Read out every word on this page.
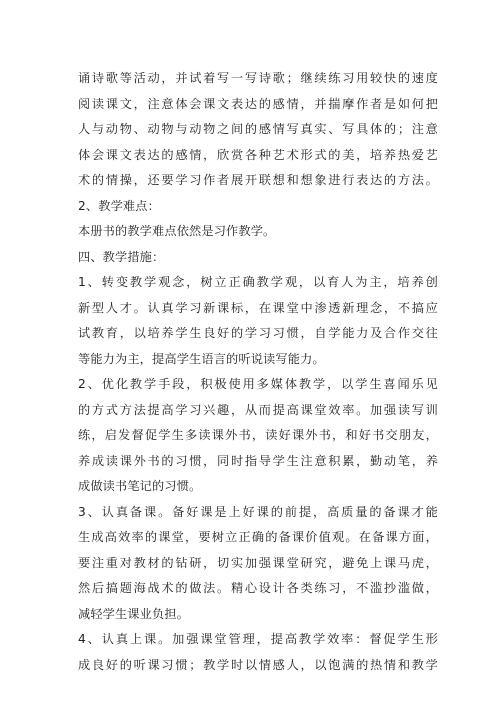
诵诗歌等活动，并试着写一写诗歌；继续练习用较快的速度
阅读课文，注意体会课文表达的感情，并揣摩作者是如何把
人与动物、动物与动物之间的感情写真实、写具体的；注意
体会课文表达的感情，欣赏各种艺术形式的美，培养热爱艺
术的情操，还要学习作者展开联想和想象进行表达的方法。
2、教学难点：
本册书的教学难点依然是习作教学。
四、教学措施：
1、转变教学观念，树立正确教学观，以育人为主，培养创
新型人才。认真学习新课标，在课堂中渗透新理念，不搞应
试教育，以培养学生良好的学习习惯，自学能力及合作交往
等能力为主，提高学生语言的听说读写能力。
2、优化教学手段，积极使用多媒体教学，以学生喜闻乐见
的方式方法提高学习兴趣，从而提高课堂效率。加强读写训
练，启发督促学生多读课外书，读好课外书，和好书交朋友，
养成读课外书的习惯，同时指导学生注意积累，勤动笔，养
成做读书笔记的习惯。
3、认真备课。备好课是上好课的前提，高质量的备课才能
生成高效率的课堂，要树立正确的备课价值观。在备课方面，
要注重对教材的钻研，切实加强课堂研究，避免上课马虎，
然后搞题海战术的做法。精心设计各类练习，不滥抄滥做，
减轻学生课业负担。
4、认真上课。加强课堂管理，提高教学效率：督促学生形
成良好的听课习惯；教学时以情感人，以饱满的热情和教学
